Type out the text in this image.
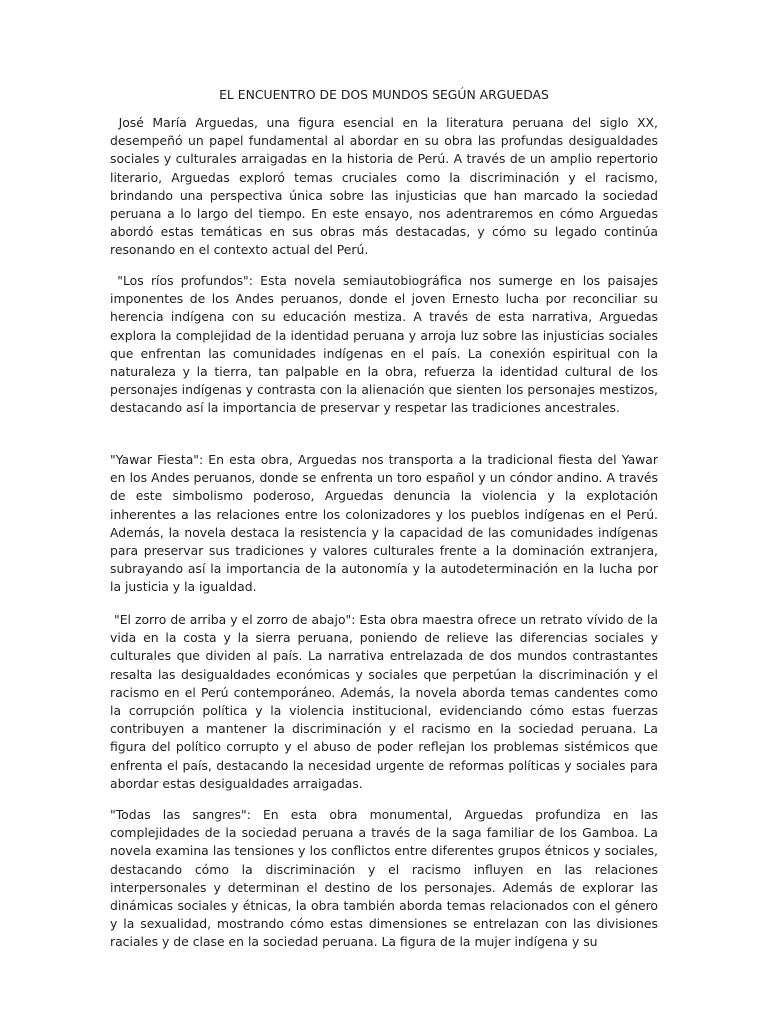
EL ENCUENTRO DE DOS MUNDOS SEGÚN ARGUEDAS

José María Arguedas, una figura esencial en la literatura peruana del siglo XX, desempeñó un papel fundamental al abordar en su obra las profundas desigualdades sociales y culturales arraigadas en la historia de Perú. A través de un amplio repertorio literario, Arguedas exploró temas cruciales como la discriminación y el racismo, brindando una perspectiva única sobre las injusticias que han marcado la sociedad peruana a lo largo del tiempo. En este ensayo, nos adentraremos en cómo Arguedas abordó estas temáticas en sus obras más destacadas, y cómo su legado continúa resonando en el contexto actual del Perú.

"Los ríos profundos": Esta novela semiautobiográfica nos sumerge en los paisajes imponentes de los Andes peruanos, donde el joven Ernesto lucha por reconciliar su herencia indígena con su educación mestiza. A través de esta narrativa, Arguedas explora la complejidad de la identidad peruana y arroja luz sobre las injusticias sociales que enfrentan las comunidades indígenas en el país. La conexión espiritual con la naturaleza y la tierra, tan palpable en la obra, refuerza la identidad cultural de los personajes indígenas y contrasta con la alienación que sienten los personajes mestizos, destacando así la importancia de preservar y respetar las tradiciones ancestrales.

"Yawar Fiesta": En esta obra, Arguedas nos transporta a la tradicional fiesta del Yawar en los Andes peruanos, donde se enfrenta un toro español y un cóndor andino. A través de este simbolismo poderoso, Arguedas denuncia la violencia y la explotación inherentes a las relaciones entre los colonizadores y los pueblos indígenas en el Perú. Además, la novela destaca la resistencia y la capacidad de las comunidades indígenas para preservar sus tradiciones y valores culturales frente a la dominación extranjera, subrayando así la importancia de la autonomía y la autodeterminación en la lucha por la justicia y la igualdad.

"El zorro de arriba y el zorro de abajo": Esta obra maestra ofrece un retrato vívido de la vida en la costa y la sierra peruana, poniendo de relieve las diferencias sociales y culturales que dividen al país. La narrativa entrelazada de dos mundos contrastantes resalta las desigualdades económicas y sociales que perpetúan la discriminación y el racismo en el Perú contemporáneo. Además, la novela aborda temas candentes como la corrupción política y la violencia institucional, evidenciando cómo estas fuerzas contribuyen a mantener la discriminación y el racismo en la sociedad peruana. La figura del político corrupto y el abuso de poder reflejan los problemas sistémicos que enfrenta el país, destacando la necesidad urgente de reformas políticas y sociales para abordar estas desigualdades arraigadas.

"Todas las sangres": En esta obra monumental, Arguedas profundiza en las complejidades de la sociedad peruana a través de la saga familiar de los Gamboa. La novela examina las tensiones y los conflictos entre diferentes grupos étnicos y sociales, destacando cómo la discriminación y el racismo influyen en las relaciones interpersonales y determinan el destino de los personajes. Además de explorar las dinámicas sociales y étnicas, la obra también aborda temas relacionados con el género y la sexualidad, mostrando cómo estas dimensiones se entrelazan con las divisiones raciales y de clase en la sociedad peruana. La figura de la mujer indígena y su
